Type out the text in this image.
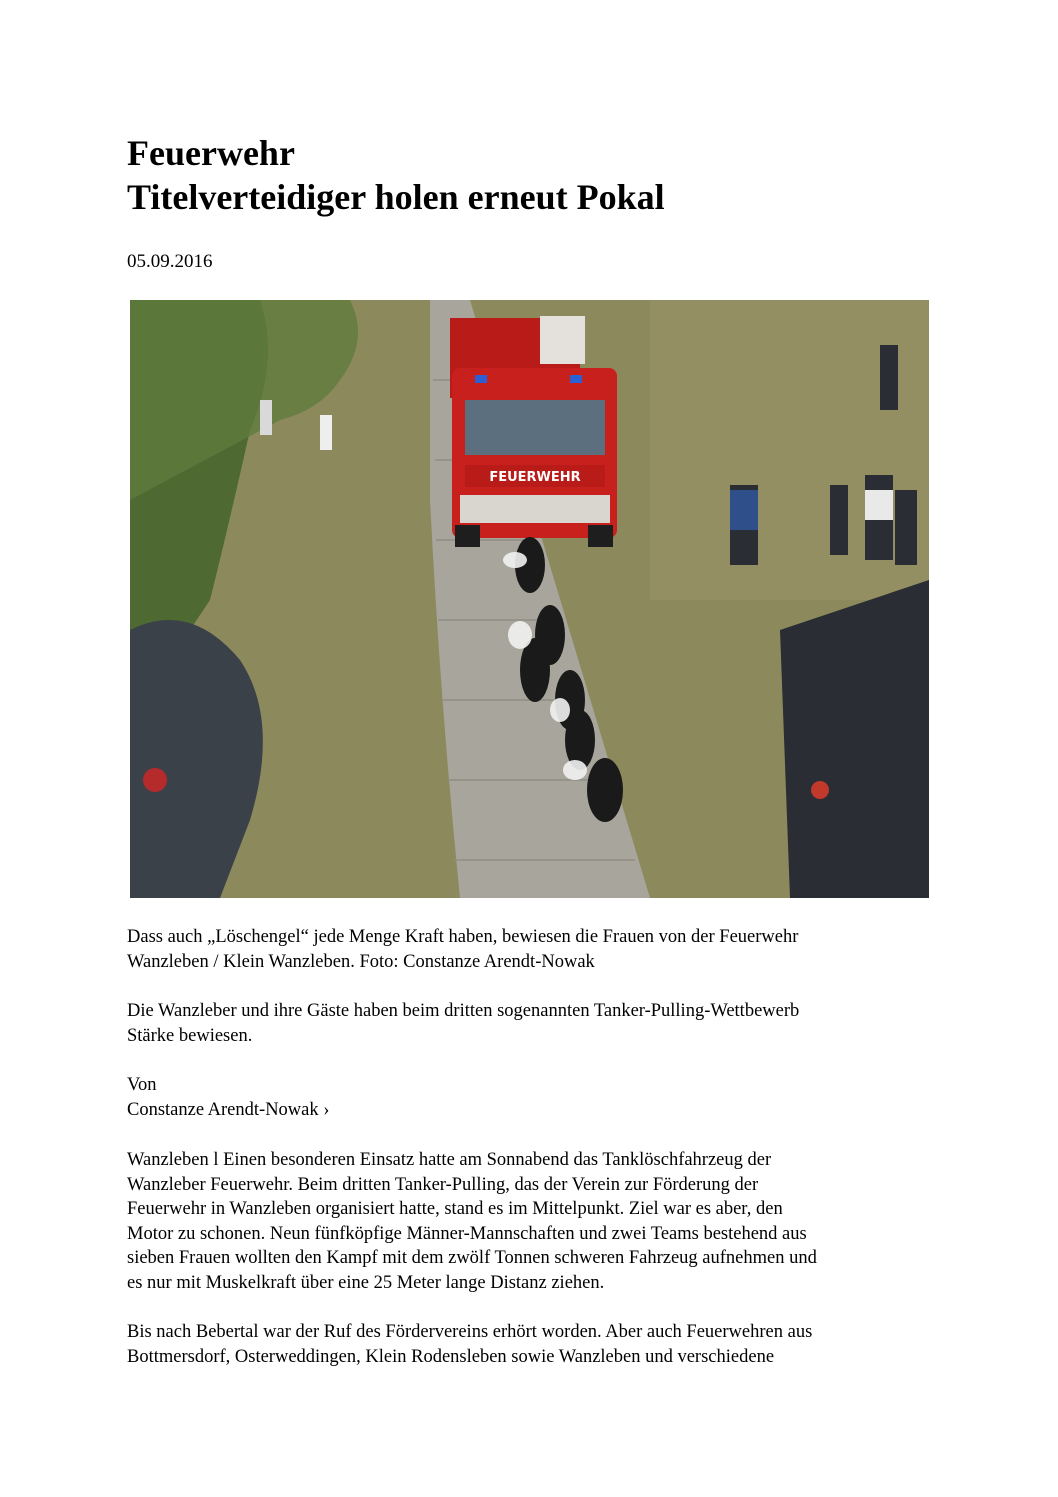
Feuerwehr
Titelverteidiger holen erneut Pokal
05.09.2016
FEUERWEHR

Dass auch „Löschengel“ jede Menge Kraft haben, bewiesen die Frauen von der Feuerwehr

Wanzleben / Klein Wanzleben. Foto: Constanze Arendt-Nowak

Die Wanzleber und ihre Gäste haben beim dritten sogenannten Tanker-Pulling-Wettbewerb

Stärke bewiesen.

Von

Constanze Arendt-Nowak ›

Wanzleben l Einen besonderen Einsatz hatte am Sonnabend das Tanklöschfahrzeug der

Wanzleber Feuerwehr. Beim dritten Tanker-Pulling, das der Verein zur Förderung der

Feuerwehr in Wanzleben organisiert hatte, stand es im Mittelpunkt. Ziel war es aber, den

Motor zu schonen. Neun fünfköpfige Männer-Mannschaften und zwei Teams bestehend aus

sieben Frauen wollten den Kampf mit dem zwölf Tonnen schweren Fahrzeug aufnehmen und

es nur mit Muskelkraft über eine 25 Meter lange Distanz ziehen.

Bis nach Bebertal war der Ruf des Fördervereins erhört worden. Aber auch Feuerwehren aus

Bottmersdorf, Osterweddingen, Klein Rodensleben sowie Wanzleben und verschiedene
